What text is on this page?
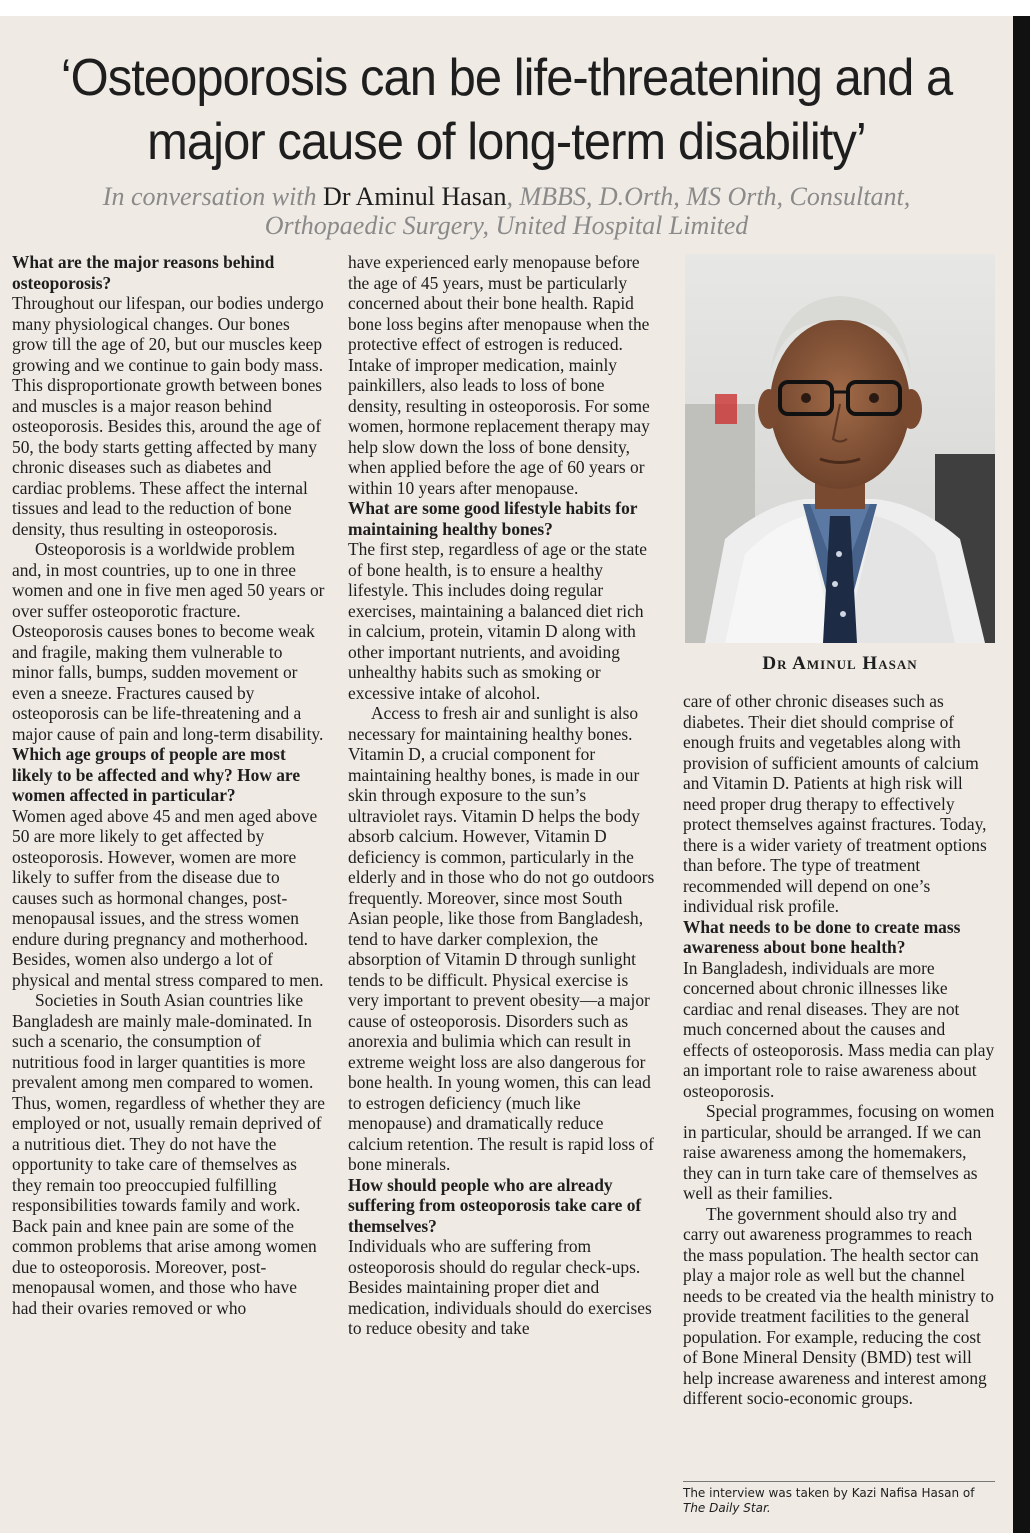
‘Osteoporosis can be life-threatening and a
major cause of long-term disability’
In conversation with Dr Aminul Hasan, MBBS, D.Orth, MS Orth, Consultant,
Orthopaedic Surgery, United Hospital Limited

What are the major reasons behind osteoporosis?

Throughout our lifespan, our bodies undergo many physiological changes. Our bones grow till the age of 20, but our muscles keep growing and we continue to gain body mass. This disproportionate growth between bones and muscles is a major reason behind osteoporosis. Besides this, around the age of 50, the body starts getting affected by many chronic diseases such as diabetes and cardiac problems. These affect the internal tissues and lead to the reduction of bone density, thus resulting in osteoporosis.

Osteoporosis is a worldwide problem and, in most countries, up to one in three women and one in five men aged 50 years or over suffer osteoporotic fracture. Osteoporosis causes bones to become weak and fragile, making them vulnerable to minor falls, bumps, sudden movement or even a sneeze. Fractures caused by osteoporosis can be life-threatening and a major cause of pain and long-term disability.

Which age groups of people are most likely to be affected and why? How are women affected in particular?

Women aged above 45 and men aged above 50 are more likely to get affected by osteoporosis. However, women are more likely to suffer from the disease due to causes such as hormonal changes, post-menopausal issues, and the stress women endure during pregnancy and motherhood. Besides, women also undergo a lot of physical and mental stress compared to men.

Societies in South Asian countries like Bangladesh are mainly male-dominated. In such a scenario, the consumption of nutritious food in larger quantities is more prevalent among men compared to women. Thus, women, regardless of whether they are employed or not, usually remain deprived of a nutritious diet. They do not have the opportunity to take care of themselves as they remain too preoccupied fulfilling responsibilities towards family and work. Back pain and knee pain are some of the common problems that arise among women due to osteoporosis. Moreover, post-menopausal women, and those who have had their ovaries removed or who

have experienced early menopause before the age of 45 years, must be particularly concerned about their bone health. Rapid bone loss begins after menopause when the protective effect of estrogen is reduced. Intake of improper medication, mainly painkillers, also leads to loss of bone density, resulting in osteoporosis. For some women, hormone replacement therapy may help slow down the loss of bone density, when applied before the age of 60 years or within 10 years after menopause.

What are some good lifestyle habits for maintaining healthy bones?

The first step, regardless of age or the state of bone health, is to ensure a healthy lifestyle. This includes doing regular exercises, maintaining a balanced diet rich in calcium, protein, vitamin D along with other important nutrients, and avoiding unhealthy habits such as smoking or excessive intake of alcohol.

Access to fresh air and sunlight is also necessary for maintaining healthy bones. Vitamin D, a crucial component for maintaining healthy bones, is made in our skin through exposure to the sun’s ultraviolet rays. Vitamin D helps the body absorb calcium. However, Vitamin D deficiency is common, particularly in the elderly and in those who do not go outdoors frequently. Moreover, since most South Asian people, like those from Bangladesh, tend to have darker complexion, the absorption of Vitamin D through sunlight tends to be difficult. Physical exercise is very important to prevent obesity—a major cause of osteoporosis. Disorders such as anorexia and bulimia which can result in extreme weight loss are also dangerous for bone health. In young women, this can lead to estrogen deficiency (much like menopause) and dramatically reduce calcium retention. The result is rapid loss of bone minerals.

How should people who are already suffering from osteoporosis take care of themselves?

Individuals who are suffering from osteoporosis should do regular check-ups. Besides maintaining proper diet and medication, individuals should do exercises to reduce obesity and take

Dr Aminul Hasan

care of other chronic diseases such as diabetes. Their diet should comprise of enough fruits and vegetables along with provision of sufficient amounts of calcium and Vitamin D. Patients at high risk will need proper drug therapy to effectively protect themselves against fractures. Today, there is a wider variety of treatment options than before. The type of treatment recommended will depend on one’s individual risk profile.

What needs to be done to create mass awareness about bone health?

In Bangladesh, individuals are more concerned about chronic illnesses like cardiac and renal diseases. They are not much concerned about the causes and effects of osteoporosis. Mass media can play an important role to raise awareness about osteoporosis.

Special programmes, focusing on women in particular, should be arranged. If we can raise awareness among the homemakers, they can in turn take care of themselves as well as their families.

The government should also try and carry out awareness programmes to reach the mass population. The health sector can play a major role as well but the channel needs to be created via the health ministry to provide treatment facilities to the general population. For example, reducing the cost of Bone Mineral Density (BMD) test will help increase awareness and interest among different socio-economic groups.

The interview was taken by Kazi Nafisa Hasan of
The Daily Star.
